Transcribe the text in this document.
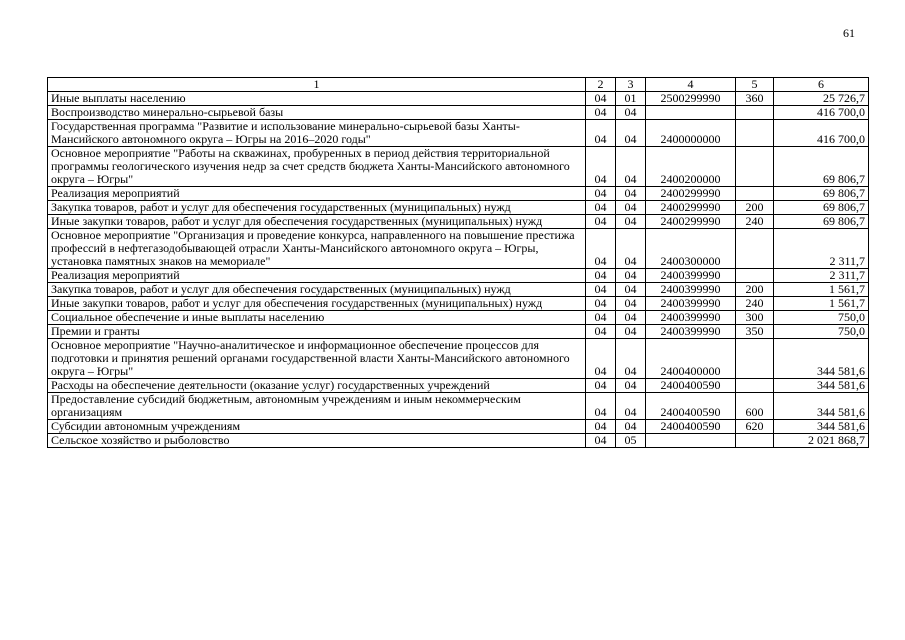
61
1	2	3	4	5	6
Иные выплаты населению	04	01	2500299990	360	25 726,7
Воспроизводство минерально-сырьевой базы	04	04			416 700,0
Государственная программа "Развитие и использование минерально-сырьевой базы Ханты-Мансийского автономного округа – Югры на 2016–2020 годы"	04	04	2400000000		416 700,0
Основное мероприятие "Работы на скважинах, пробуренных в период действия территориальной программы геологического изучения недр за счет средств бюджета Ханты-Мансийского автономного округа – Югры"	04	04	2400200000		69 806,7
Реализация мероприятий	04	04	2400299990		69 806,7
Закупка товаров, работ и услуг для обеспечения государственных (муниципальных) нужд	04	04	2400299990	200	69 806,7
Иные закупки товаров, работ и услуг для обеспечения государственных (муниципальных) нужд	04	04	2400299990	240	69 806,7
Основное мероприятие "Организация и проведение конкурса, направленного на повышение престижа профессий в нефтегазодобывающей отрасли Ханты-Мансийского автономного округа – Югры, установка памятных знаков на мемориале"	04	04	2400300000		2 311,7
Реализация мероприятий	04	04	2400399990		2 311,7
Закупка товаров, работ и услуг для обеспечения государственных (муниципальных) нужд	04	04	2400399990	200	1 561,7
Иные закупки товаров, работ и услуг для обеспечения государственных (муниципальных) нужд	04	04	2400399990	240	1 561,7
Социальное обеспечение и иные выплаты населению	04	04	2400399990	300	750,0
Премии и гранты	04	04	2400399990	350	750,0
Основное мероприятие "Научно-аналитическое и информационное обеспечение процессов для подготовки и принятия решений органами государственной власти Ханты-Мансийского автономного округа – Югры"	04	04	2400400000		344 581,6
Расходы на обеспечение деятельности (оказание услуг) государственных учреждений	04	04	2400400590		344 581,6
Предоставление субсидий бюджетным, автономным учреждениям и иным некоммерческим организациям	04	04	2400400590	600	344 581,6
Субсидии автономным учреждениям	04	04	2400400590	620	344 581,6
Сельское хозяйство и рыболовство	04	05			2 021 868,7
